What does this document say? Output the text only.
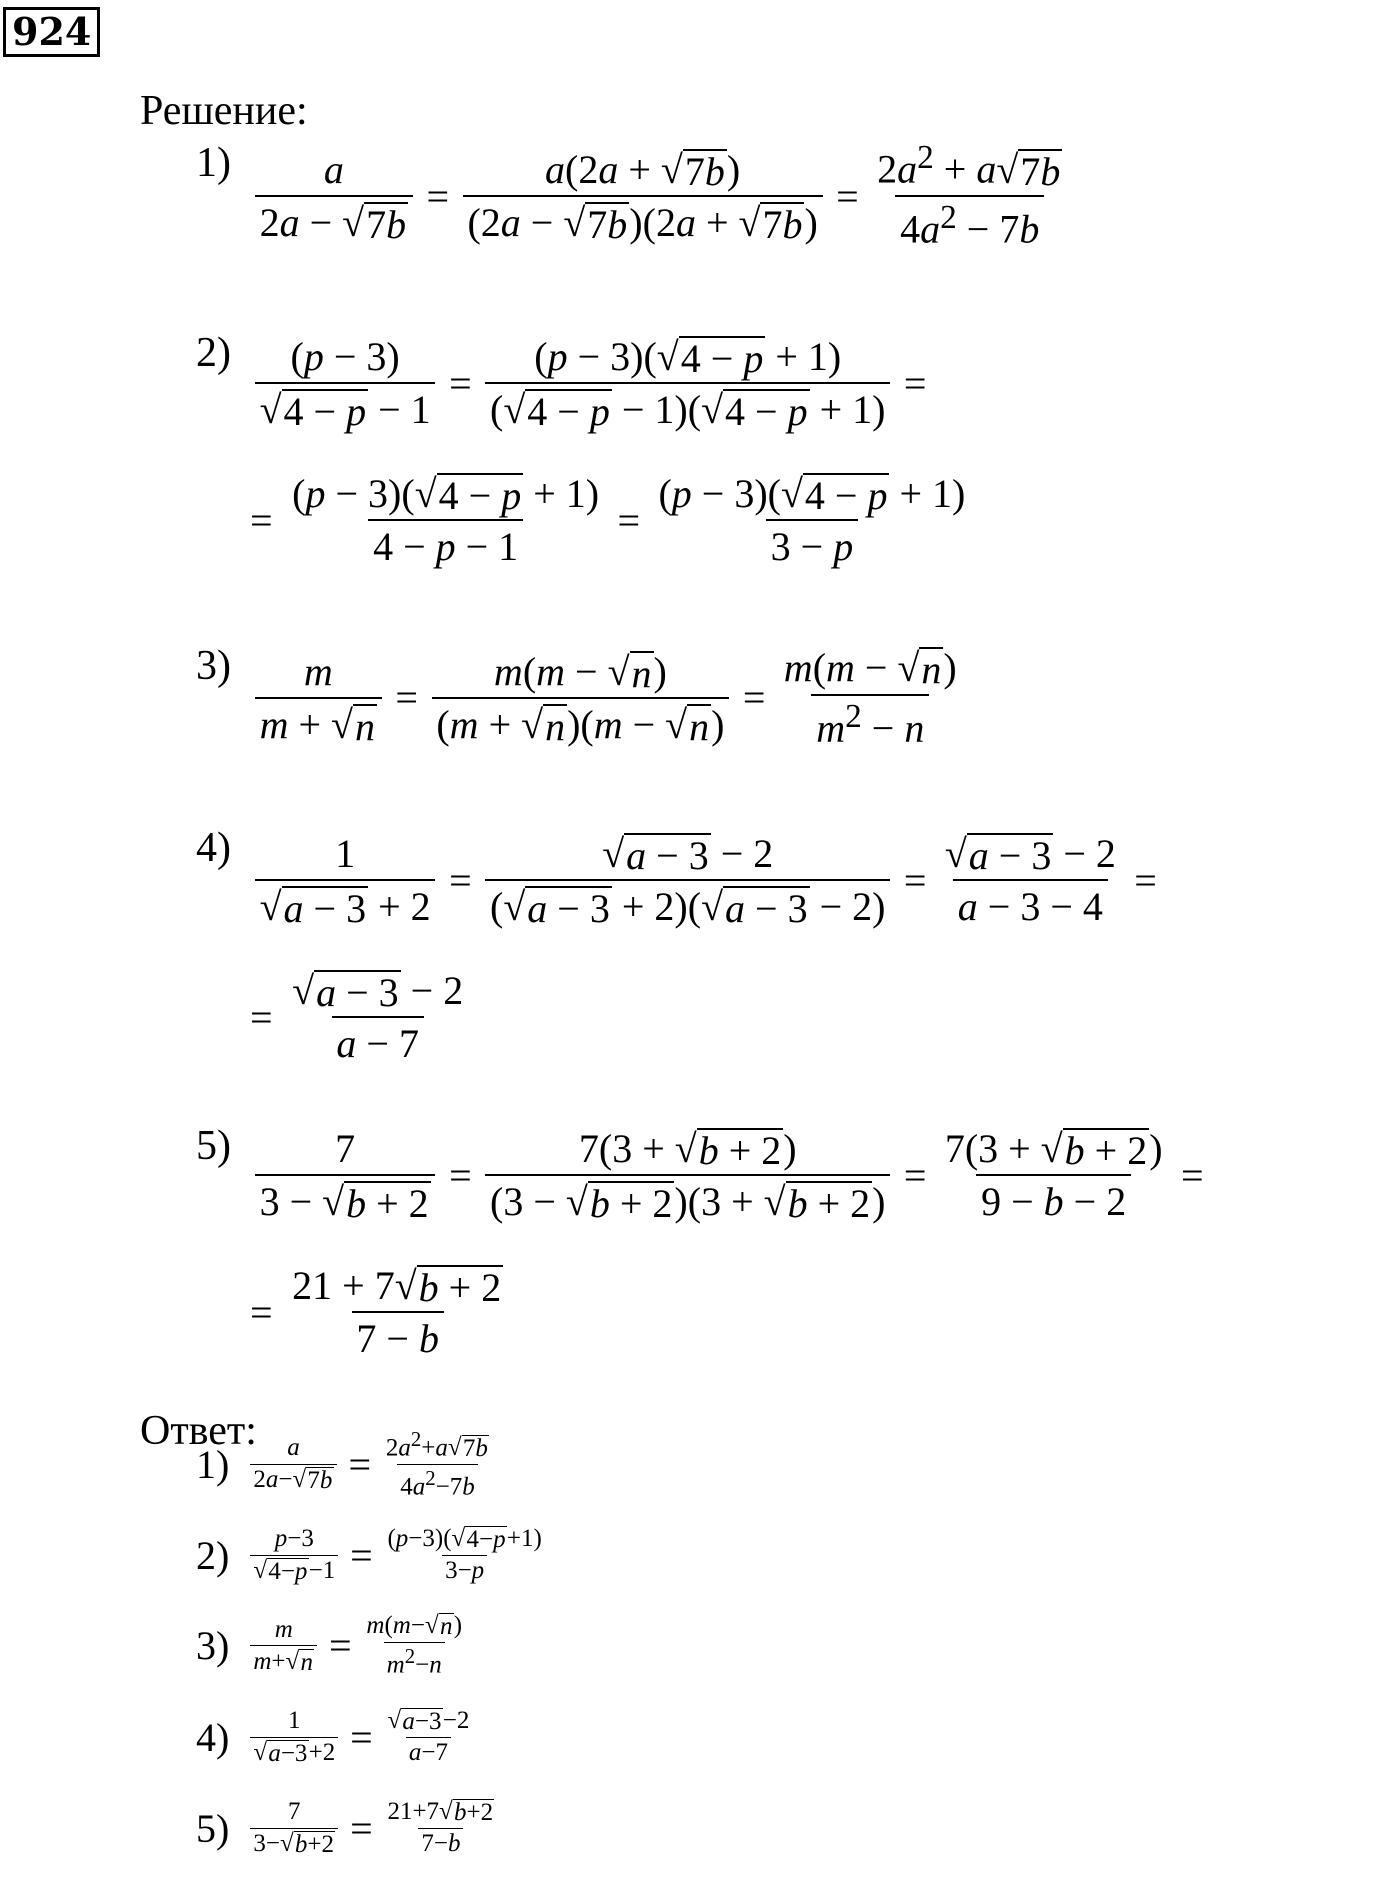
924
Решение:
$1) \frac{a}{2a - √ 7b} = \frac{a(2a + √ 7b )}{(2a - √ 7b )(2a + √ 7b )} = \frac{2a^2 + a √ 7b}{4a^2 - 7b}$
$2) \frac{(p - 3)}{√ 4 - p - 1} = \frac{(p - 3)( √ 4 - p + 1)}{( √ 4 - p - 1)( √ 4 - p + 1)}$ =
= $\frac{(p - 3)( √ 4 - p + 1)}{4 - p - 1} = \frac{(p - 3)( √ 4 - p + 1)}{3 - p}$
$3) \frac{m}{m + √ n} = \frac{m(m - √ n )}{(m + √ n )(m - √ n )} = \frac{m(m - √ n )}{m^2 - n}$
$4) \frac{1}{√ a - 3 + 2} = \frac{√ a - 3 - 2}{( √ a - 3 + 2)( √ a - 3 - 2)} = \frac{√ a - 3 - 2}{a - 3 - 4}$ =
= $\frac{√ a - 3 - 2}{a - 7}$
$5) \frac{7}{3 - √ b + 2} = \frac{7(3 + √ b + 2 )}{(3 - √ b + 2 )(3 + √ b + 2 )} = \frac{7(3 + √ b + 2 )}{9 - b - 2}$ =
= $\frac{21 + 7 √ b + 2}{7 - b}$
Ответ:
$1) \frac{a}{2a- √ 7b} = \frac{2a^2+a √ 7b}{4a^2-7b}$
$2) \frac{p-3}{√ 4-p -1} = \frac{(p-3)( √ 4-p +1)}{3-p}$
$3) \frac{m}{m+ √ n} = \frac{m(m- √ n )}{m^2-n}$
$4) \frac{1}{√ a-3 +2} = \frac{√ a-3 -2}{a-7}$
$5) \frac{7}{3- √ b+2} = \frac{21+7 √ b+2}{7-b}$
